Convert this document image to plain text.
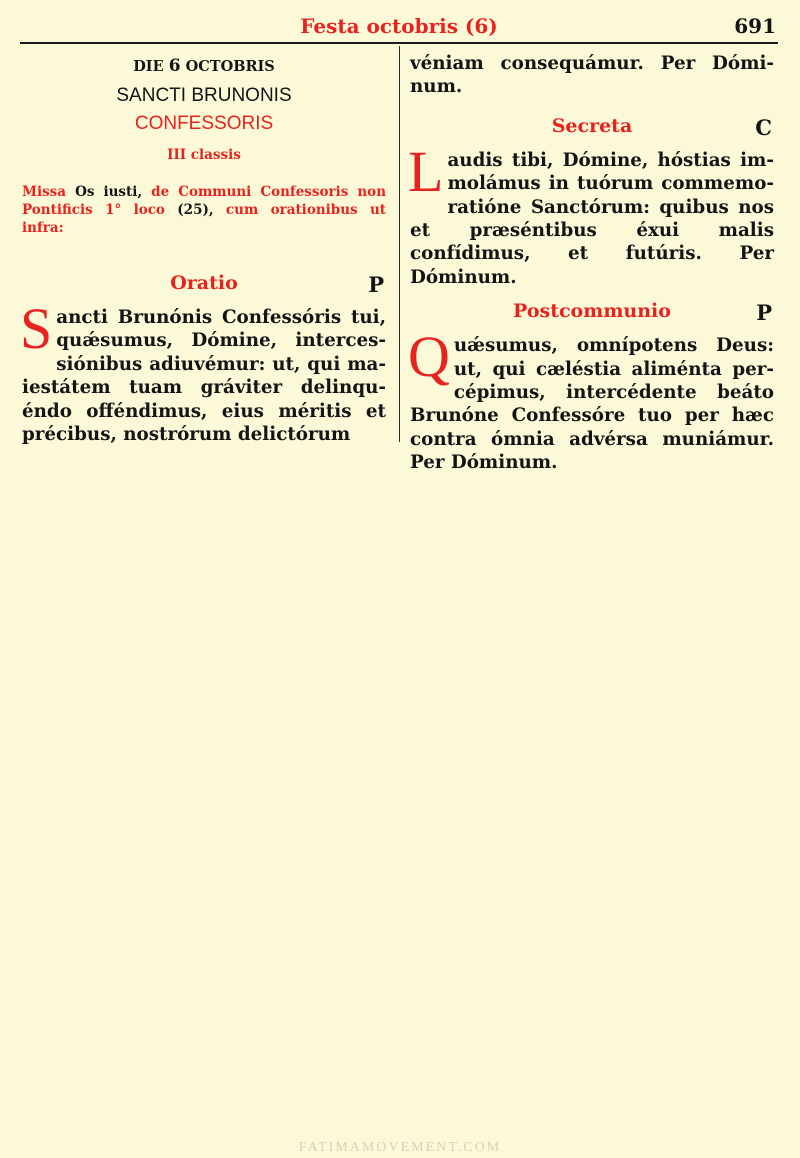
Festa octobris (6)	691
DIE 6 OCTOBRIS
SANCTI BRUNONIS
CONFESSORIS
III classis
Missa Os iusti, de Communi Confessoris non Pontificis 1° loco (25), cum orationibus ut infra:
Oratio	P
Sancti Brunónis Confessóris tui, quǽsumus, Dómine, intercessiónibus adiuvémur: ut, qui maiestátem tuam gráviter delinquéndo offéndimus, eius méritis et précibus, nostrórum delictórum
véniam consequámur. Per Dóminum.
Secreta	C
Laudis tibi, Dómine, hóstias immolámus in tuórum commemoratióne Sanctórum: quibus nos et præséntibus éxui malis confídimus, et futúris. Per Dóminum.
Postcommunio	P
Quǽsumus, omnípotens Deus: ut, qui cæléstia aliménta percépimus, intercédente beáto Brunóne Confessóre tuo per hæc contra ómnia advérsa muniámur. Per Dóminum.
FATIMAMOVEMENT.COM
